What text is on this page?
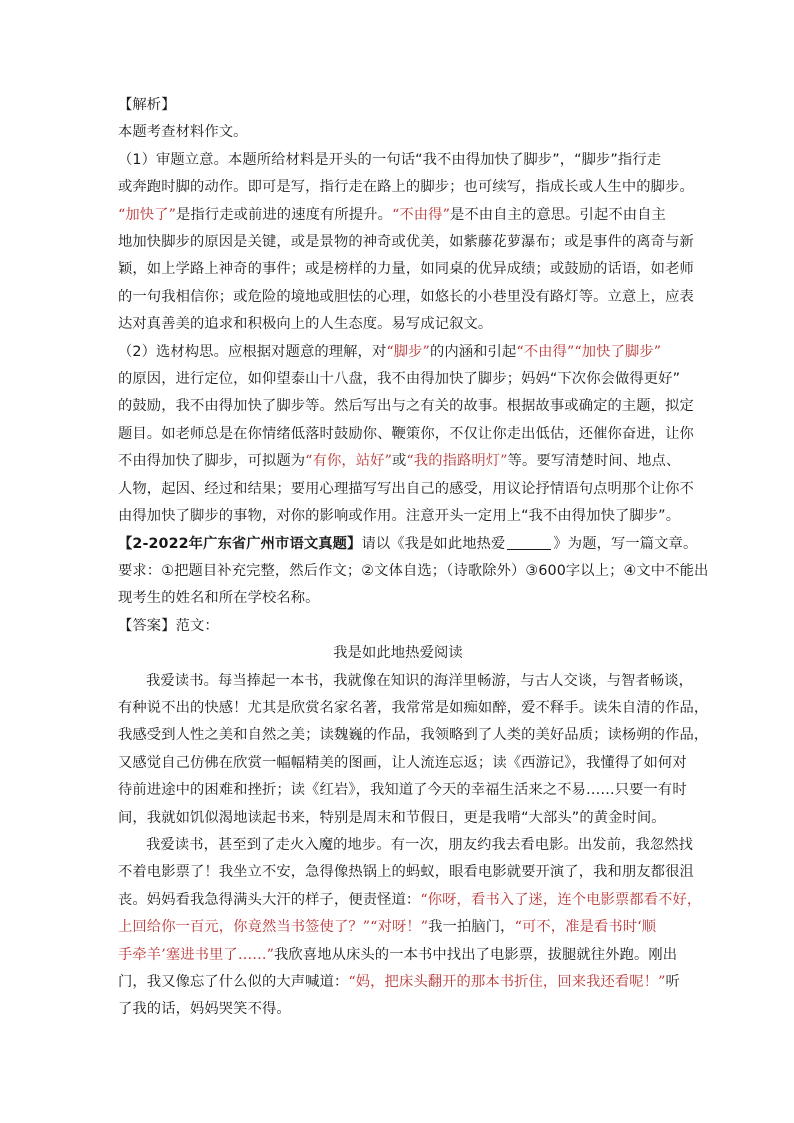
【解析】
本题考查材料作文。
（1）审题立意。本题所给材料是开头的一句话“我不由得加快了脚步”，“脚步”指行走
或奔跑时脚的动作。即可是写，指行走在路上的脚步；也可续写，指成长或人生中的脚步。
“加快了”是指行走或前进的速度有所提升。“不由得”是不由自主的意思。引起不由自主
地加快脚步的原因是关键，或是景物的神奇或优美，如紫藤花萝瀑布；或是事件的离奇与新
颖，如上学路上神奇的事件；或是榜样的力量，如同桌的优异成绩；或鼓励的话语，如老师
的一句我相信你；或危险的境地或胆怯的心理，如悠长的小巷里没有路灯等。立意上，应表
达对真善美的追求和积极向上的人生态度。易写成记叙文。
（2）选材构思。应根据对题意的理解，对“脚步”的内涵和引起“不由得”“加快了脚步”
的原因，进行定位，如仰望泰山十八盘，我不由得加快了脚步；妈妈“下次你会做得更好”
的鼓励，我不由得加快了脚步等。然后写出与之有关的故事。根据故事或确定的主题，拟定
题目。如老师总是在你情绪低落时鼓励你、鞭策你，不仅让你走出低估，还催你奋进，让你
不由得加快了脚步，可拟题为“有你，站好”或“我的指路明灯”等。要写清楚时间、地点、
人物，起因、经过和结果；要用心理描写写出自己的感受，用议论抒情语句点明那个让你不
由得加快了脚步的事物，对你的影响或作用。注意开头一定用上“我不由得加快了脚步”。
【2-2022年广东省广州市语文真题】请以《我是如此地热爱	》为题，写一篇文章。
要求：①把题目补充完整，然后作文；②文体自选；（诗歌除外）③600字以上；④文中不能出
现考生的姓名和所在学校名称。
【答案】范文：
我是如此地热爱阅读
我爱读书。每当捧起一本书，我就像在知识的海洋里畅游，与古人交谈，与智者畅谈，
有种说不出的快感！尤其是欣赏名家名著，我常常是如痴如醉，爱不释手。读朱自清的作品，
我感受到人性之美和自然之美；读魏巍的作品，我领略到了人类的美好品质；读杨朔的作品，
又感觉自己仿佛在欣赏一幅幅精美的图画，让人流连忘返；读《西游记》，我懂得了如何对
待前进途中的困难和挫折；读《红岩》，我知道了今天的幸福生活来之不易……只要一有时
间，我就如饥似渴地读起书来，特别是周末和节假日，更是我啃“大部头”的黄金时间。
我爱读书，甚至到了走火入魔的地步。有一次，朋友约我去看电影。出发前，我忽然找
不着电影票了！我坐立不安，急得像热锅上的蚂蚁，眼看电影就要开演了，我和朋友都很沮
丧。妈妈看我急得满头大汗的样子，便责怪道：“你呀，看书入了迷，连个电影票都看不好，
上回给你一百元，你竟然当书签使了？”“对呀！”我一拍脑门，“可不，准是看书时‘顺
手牵羊’塞进书里了……”我欣喜地从床头的一本书中找出了电影票，拔腿就往外跑。刚出
门，我又像忘了什么似的大声喊道：“妈，把床头翻开的那本书折住，回来我还看呢！”听
了我的话，妈妈哭笑不得。
